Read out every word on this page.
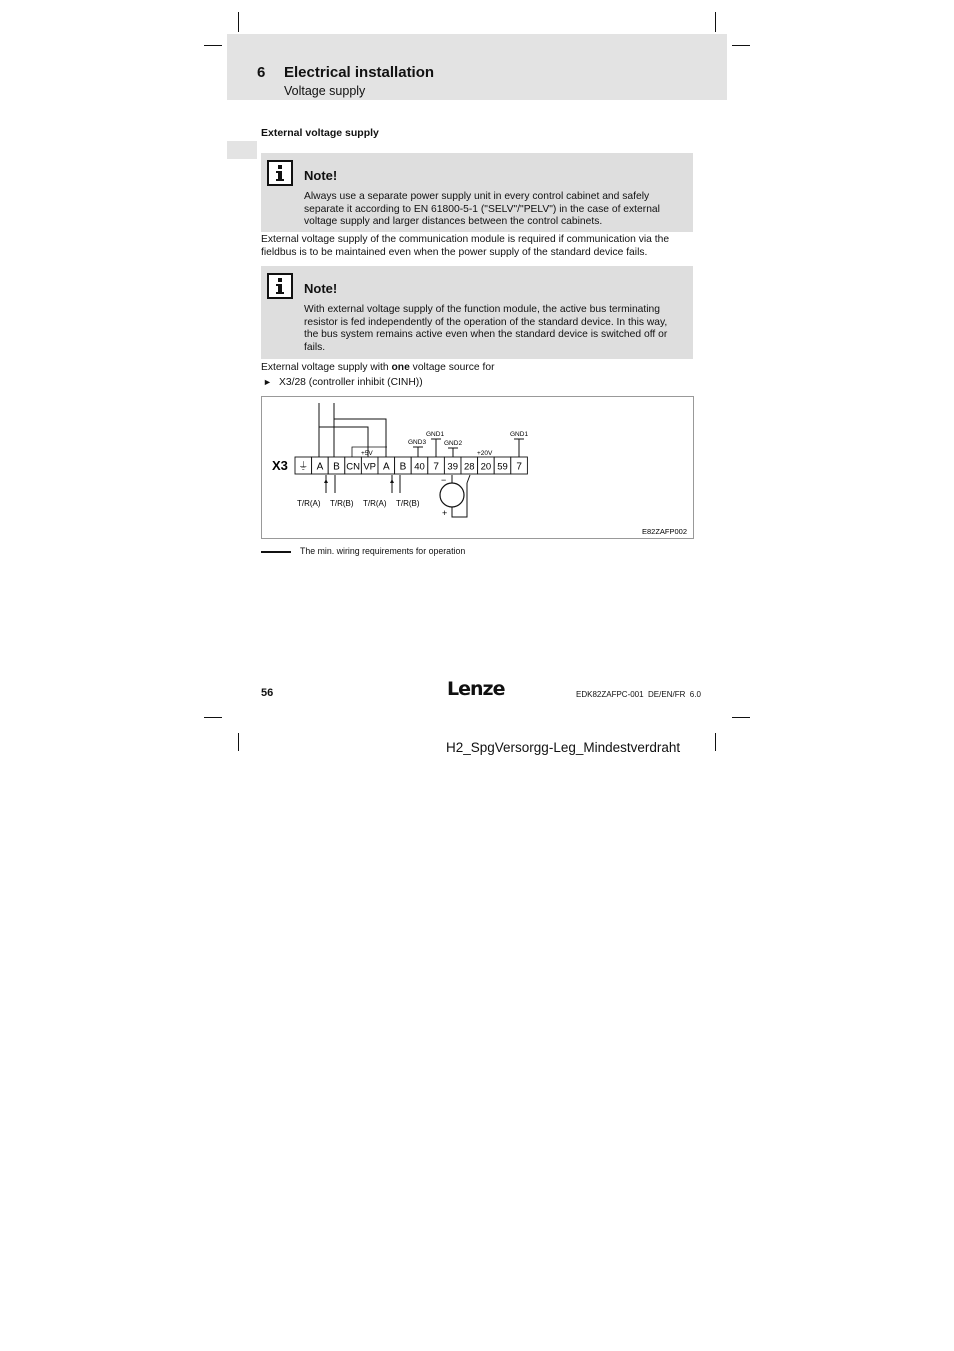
6 Electrical installation
Voltage supply
External voltage supply
Note!
Always use a separate power supply unit in every control cabinet and safely separate it according to EN 61800-5-1 ("SELV"/"PELV") in the case of external voltage supply and larger distances between the control cabinets.
External voltage supply of the communication module is required if communication via the fieldbus is to be maintained even when the power supply of the standard device fails.
Note!
With external voltage supply of the function module, the active bus terminating resistor is fed independently of the operation of the standard device. In this way, the bus system remains active even when the standard device is switched off or fails.
External voltage supply with one voltage source for
► X3/28 (controller inhibit (CINH))
X3
+5V
GND3
GND1
GND2
+20V
GND1
⏚ A B CN VP A B 40 7 39 28 20 59 7
T/R(A) T/R(B) T/R(A) T/R(B)
−
+
E82ZAFP002
The min. wiring requirements for operation
56	Lenze	EDK82ZAFPC-001  DE/EN/FR  6.0
H2_SpgVersorgg-Leg_Mindestverdraht
